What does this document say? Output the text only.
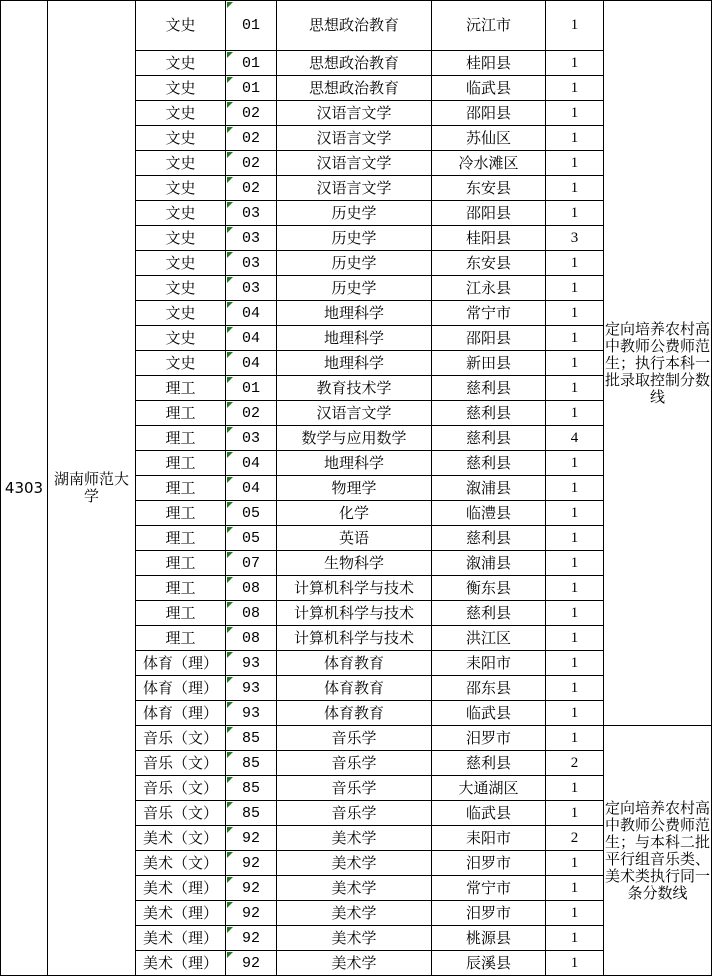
4303	湖南师范大学	文史	01	思想政治教育	沅江市	1	定向培养农村高中教师公费师范生；执行本科一批录取控制分数线
		文史	01	思想政治教育	桂阳县	1	
		文史	01	思想政治教育	临武县	1	
		文史	02	汉语言文学	邵阳县	1	
		文史	02	汉语言文学	苏仙区	1	
		文史	02	汉语言文学	冷水滩区	1	
		文史	02	汉语言文学	东安县	1	
		文史	03	历史学	邵阳县	1	
		文史	03	历史学	桂阳县	3	
		文史	03	历史学	东安县	1	
		文史	03	历史学	江永县	1	
		文史	04	地理科学	常宁市	1	
		文史	04	地理科学	邵阳县	1	
		文史	04	地理科学	新田县	1	
		理工	01	教育技术学	慈利县	1	
		理工	02	汉语言文学	慈利县	1	
		理工	03	数学与应用数学	慈利县	4	
		理工	04	地理科学	慈利县	1	
		理工	04	物理学	溆浦县	1	
		理工	05	化学	临澧县	1	
		理工	05	英语	慈利县	1	
		理工	07	生物科学	溆浦县	1	
		理工	08	计算机科学与技术	衡东县	1	
		理工	08	计算机科学与技术	慈利县	1	
		理工	08	计算机科学与技术	洪江区	1	
		体育（理）	93	体育教育	耒阳市	1	
		体育（理）	93	体育教育	邵东县	1	
		体育（理）	93	体育教育	临武县	1	
		音乐（文）	85	音乐学	汨罗市	1	定向培养农村高中教师公费师范生；与本科二批平行组音乐类、美术类执行同一条分数线
		音乐（文）	85	音乐学	慈利县	2	
		音乐（文）	85	音乐学	大通湖区	1	
		音乐（文）	85	音乐学	临武县	1	
		美术（文）	92	美术学	耒阳市	2	
		美术（文）	92	美术学	汨罗市	1	
		美术（理）	92	美术学	常宁市	1	
		美术（理）	92	美术学	汨罗市	1	
		美术（理）	92	美术学	桃源县	1	
		美术（理）	92	美术学	辰溪县	1	
